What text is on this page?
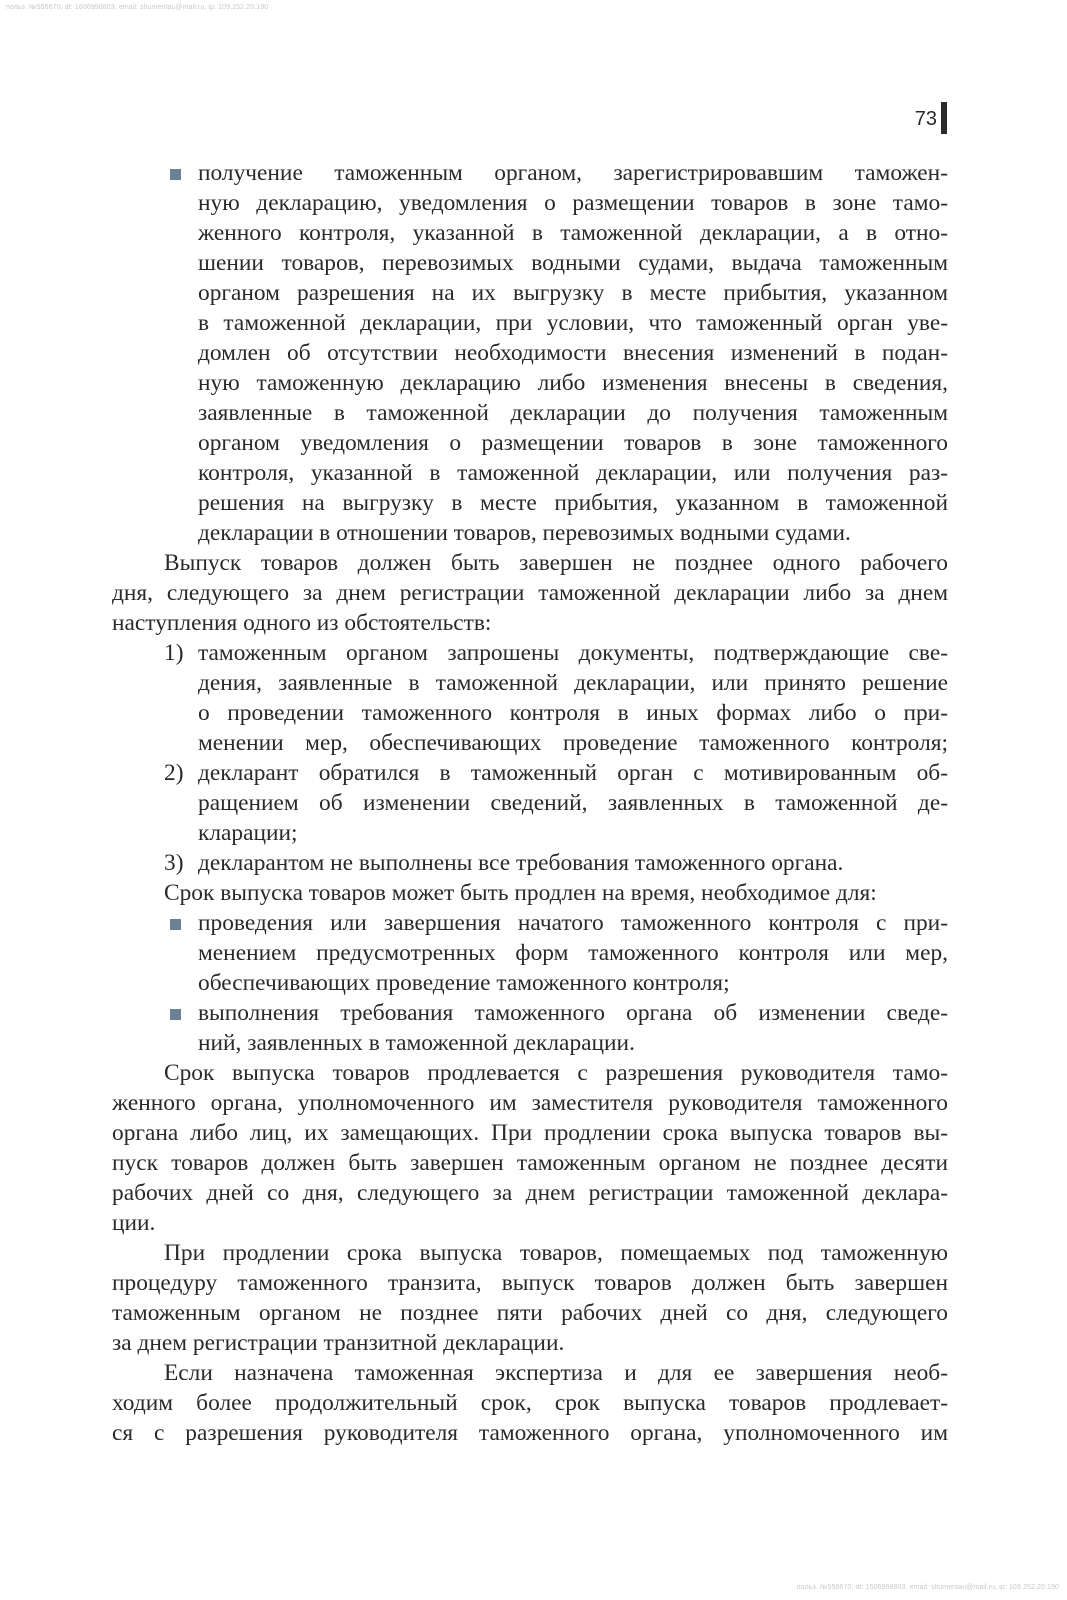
польз. №556670, dt: 1606998803, email: sltumentau@mail.ru, ip: 109.252.20.190
73
получение таможенным органом, зарегистрировавшим таможен-
ную декларацию, уведомления о размещении товаров в зоне тамо-
женного контроля, указанной в таможенной декларации, а в отно-
шении товаров, перевозимых водными судами, выдача таможенным
органом разрешения на их выгрузку в месте прибытия, указанном
в таможенной декларации, при условии, что таможенный орган уве-
домлен об отсутствии необходимости внесения изменений в подан-
ную таможенную декларацию либо изменения внесены в сведения,
заявленные в таможенной декларации до получения таможенным
органом уведомления о размещении товаров в зоне таможенного
контроля, указанной в таможенной декларации, или получения раз-
решения на выгрузку в месте прибытия, указанном в таможенной
декларации в отношении товаров, перевозимых водными судами.
Выпуск товаров должен быть завершен не позднее одного рабочего
дня, следующего за днем регистрации таможенной декларации либо за днем
наступления одного из обстоятельств:
1) таможенным органом запрошены документы, подтверждающие све-
дения, заявленные в таможенной декларации, или принято решение
о проведении таможенного контроля в иных формах либо о при-
менении мер, обеспечивающих проведение таможенного контроля;
2) декларант обратился в таможенный орган с мотивированным об-
ращением об изменении сведений, заявленных в таможенной де-
кларации;
3) декларантом не выполнены все требования таможенного органа.
Срок выпуска товаров может быть продлен на время, необходимое для:
проведения или завершения начатого таможенного контроля с при-
менением предусмотренных форм таможенного контроля или мер,
обеспечивающих проведение таможенного контроля;
выполнения требования таможенного органа об изменении сведе-
ний, заявленных в таможенной декларации.
Срок выпуска товаров продлевается с разрешения руководителя тамо-
женного органа, уполномоченного им заместителя руководителя таможенного
органа либо лиц, их замещающих. При продлении срока выпуска товаров вы-
пуск товаров должен быть завершен таможенным органом не позднее десяти
рабочих дней со дня, следующего за днем регистрации таможенной деклара-
ции.
При продлении срока выпуска товаров, помещаемых под таможенную
процедуру таможенного транзита, выпуск товаров должен быть завершен
таможенным органом не позднее пяти рабочих дней со дня, следующего
за днем регистрации транзитной декларации.
Если назначена таможенная экспертиза и для ее завершения необ-
ходим более продолжительный срок, срок выпуска товаров продлевает-
ся с разрешения руководителя таможенного органа, уполномоченного им
польз. №556670, dt: 1606998803, email: sltumentau@mail.ru, ip: 109.252.20.190
